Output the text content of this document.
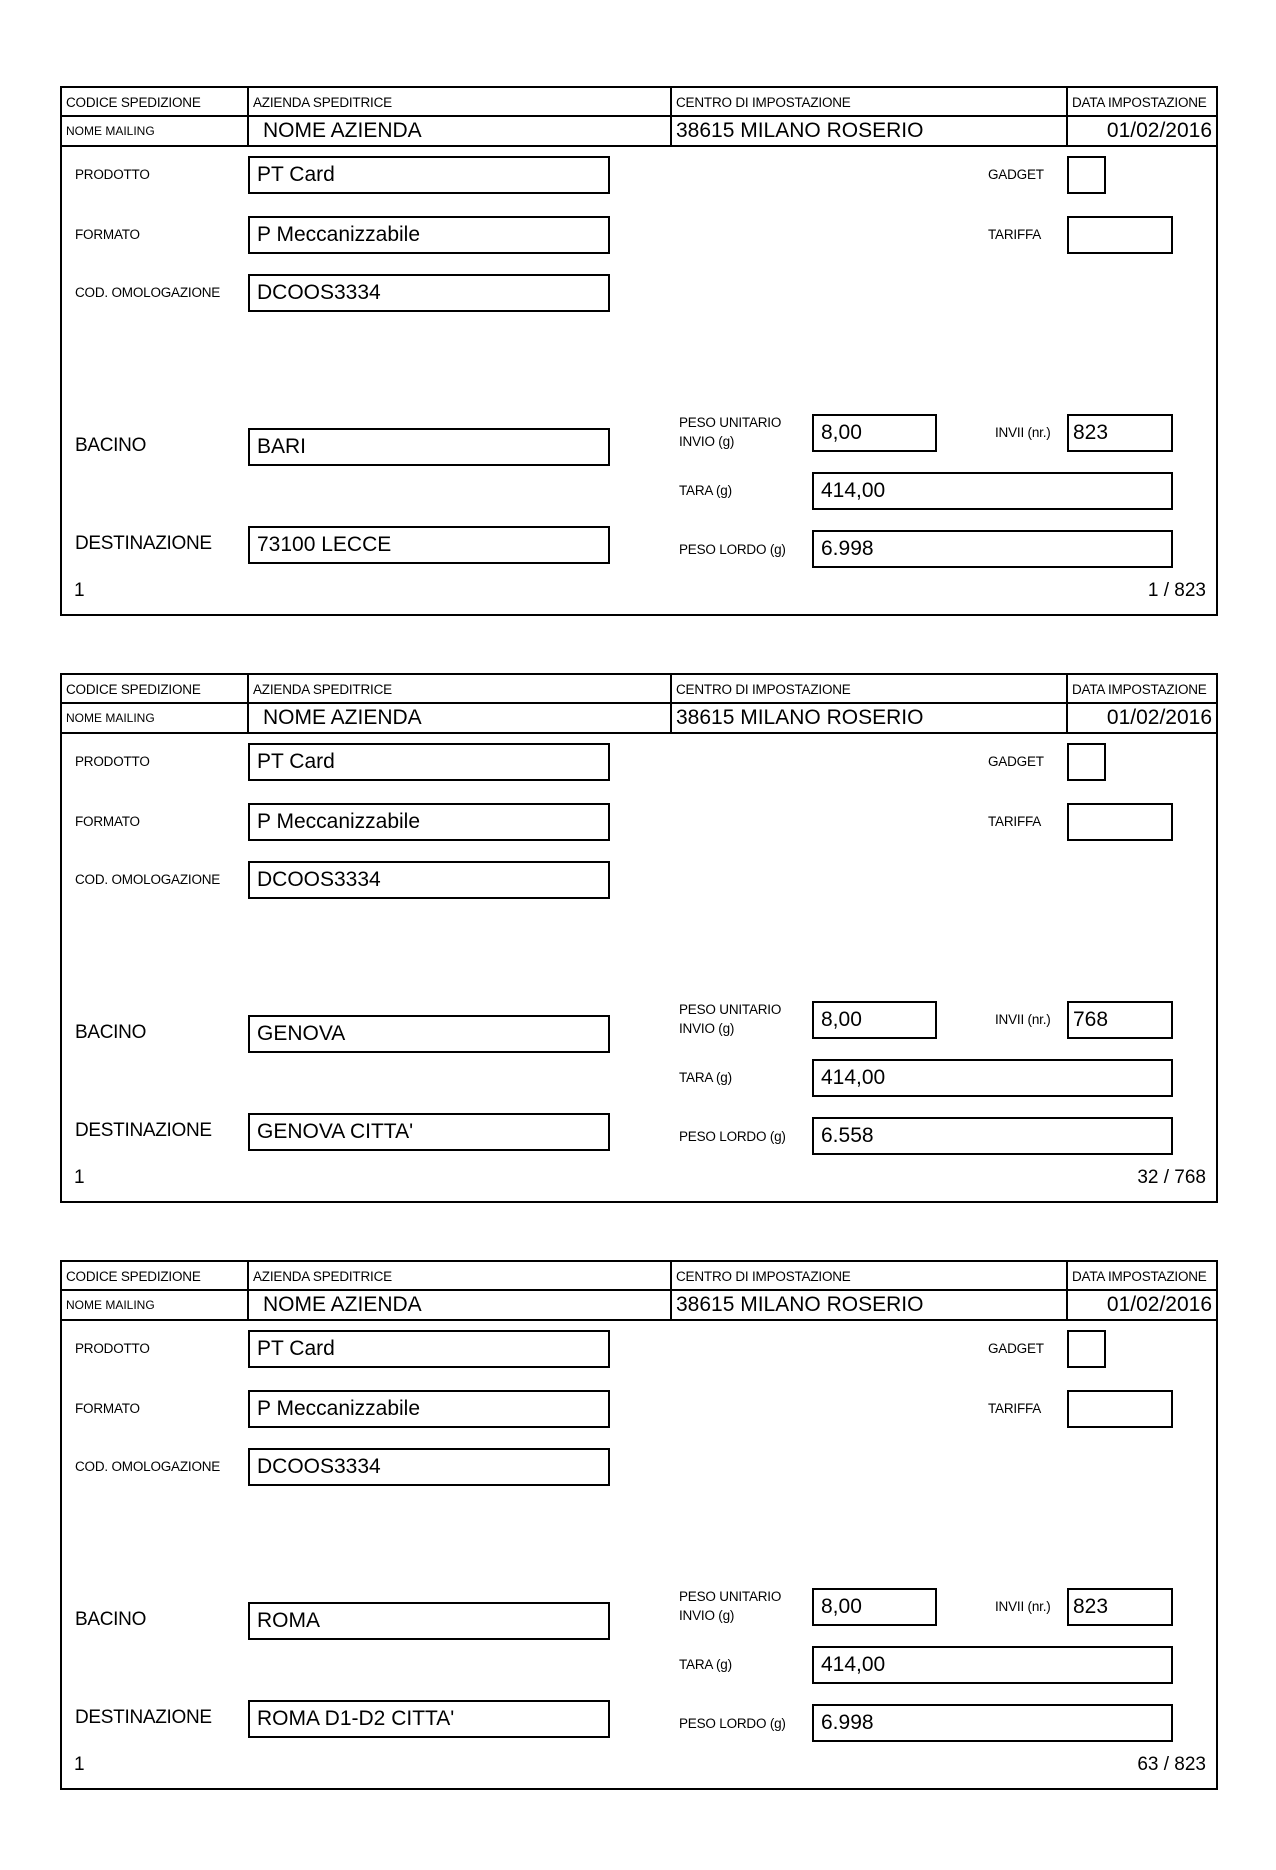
CODICE SPEDIZIONE	AZIENDA SPEDITRICE	CENTRO DI IMPOSTAZIONE	DATA IMPOSTAZIONE
NOME MAILING	NOME AZIENDA	38615 MILANO ROSERIO	01/02/2016
PRODOTTO	PT Card	GADGET
FORMATO	P Meccanizzabile	TARIFFA
COD. OMOLOGAZIONE	DCOOS3334
PESO UNITARIO
INVIO (g)	8,00	INVII (nr.) 823
BACINO	BARI
TARA (g)	414,00
DESTINAZIONE	73100 LECCE	PESO LORDO (g)	6.998
1	1 / 823
CODICE SPEDIZIONE	AZIENDA SPEDITRICE	CENTRO DI IMPOSTAZIONE	DATA IMPOSTAZIONE
NOME MAILING	NOME AZIENDA	38615 MILANO ROSERIO	01/02/2016
PRODOTTO	PT Card	GADGET
FORMATO	P Meccanizzabile	TARIFFA
COD. OMOLOGAZIONE	DCOOS3334
PESO UNITARIO
INVIO (g)	8,00	INVII (nr.) 768
BACINO	GENOVA
TARA (g)	414,00
DESTINAZIONE	GENOVA CITTA'	PESO LORDO (g)	6.558
1	32 / 768
CODICE SPEDIZIONE	AZIENDA SPEDITRICE	CENTRO DI IMPOSTAZIONE	DATA IMPOSTAZIONE
NOME MAILING	NOME AZIENDA	38615 MILANO ROSERIO	01/02/2016
PRODOTTO	PT Card	GADGET
FORMATO	P Meccanizzabile	TARIFFA
COD. OMOLOGAZIONE	DCOOS3334
PESO UNITARIO
INVIO (g)	8,00	INVII (nr.) 823
BACINO	ROMA
TARA (g)	414,00
DESTINAZIONE	ROMA D1-D2 CITTA'	PESO LORDO (g)	6.998
1	63 / 823
